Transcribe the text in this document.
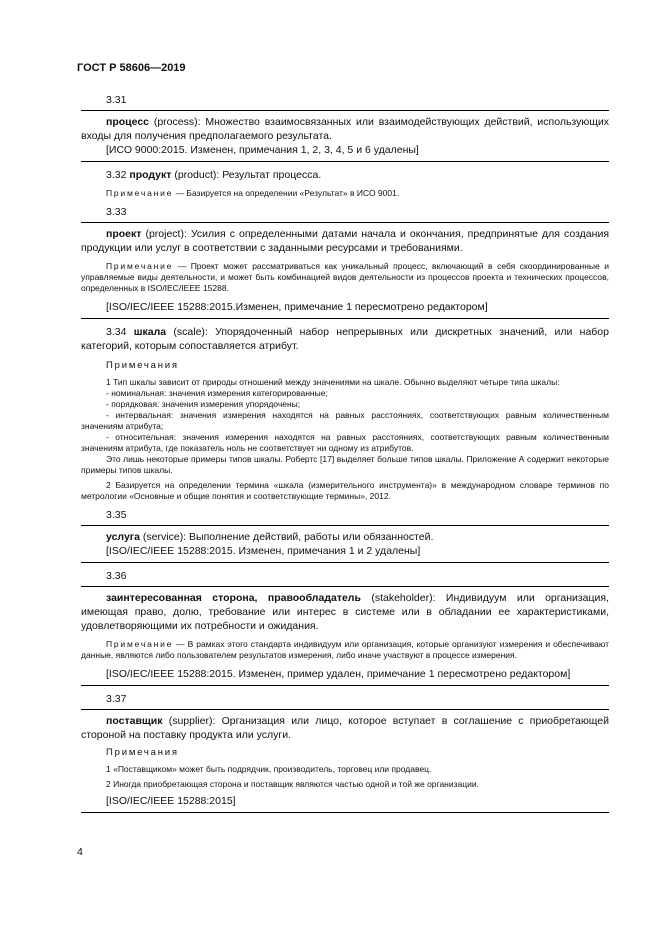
ГОСТ Р 58606—2019
3.31

процесс (process): Множество взаимосвязанных или взаимодействующих действий, использующих входы для получения предполагаемого результата.

[ИСО 9000:2015. Изменен, примечания 1, 2, 3, 4, 5 и 6 удалены]

3.32 продукт (product): Результат процесса.

Примечание — Базируется на определении «Результат» в ИСО 9001.

3.33

проект (project): Усилия с определенными датами начала и окончания, предпринятые для создания продукции или услуг в соответствии с заданными ресурсами и требованиями.

Примечание — Проект может рассматриваться как уникальный процесс, включающий в себя скоординированные и управляемые виды деятельности, и может быть комбинацией видов деятельности из процессов проекта и технических процессов, определенных в ISO/IEC/IEEE 15288.

[ISO/IEC/IEEE 15288:2015.Изменен, примечание 1 пересмотрено редактором]

3.34 шкала (scale): Упорядоченный набор непрерывных или дискретных значений, или набор категорий, которым сопоставляется атрибут.

Примечания

1 Тип шкалы зависит от природы отношений между значениями на шкале. Обычно выделяют четыре типа шкалы:

- номинальная: значения измерения категорированные;

- порядковая: значения измерения упорядочены;

- интервальная: значения измерения находятся на равных расстояниях, соответствующих равным количественным значениям атрибута;

- относительная: значения измерения находятся на равных расстояниях, соответствующих равным количественным значениям атрибута, где показатель ноль не соответствует ни одному из атрибутов.

Это лишь некоторые примеры типов шкалы. Робертс [17] выделяет больше типов шкалы. Приложение А содержит некоторые примеры типов шкалы.

2 Базируется на определении термина «шкала (измерительного инструмента)» в международном словаре терминов по метрологии «Основные и общие понятия и соответствующие термины», 2012.

3.35

услуга (service): Выполнение действий, работы или обязанностей.

[ISO/IEC/IEEE 15288:2015. Изменен, примечания 1 и 2 удалены]

3.36

заинтересованная сторона, правообладатель (stakeholder): Индивидуум или организация, имеющая право, долю, требование или интерес в системе или в обладании ее характеристиками, удовлетворяющими их потребности и ожидания.

Примечание — В рамках этого стандарта индивидуум или организация, которые организуют измерения и обеспечивают данные, являются либо пользователем результатов измерения, либо иначе участвуют в процессе измерения.

[ISO/IEC/IEEE 15288:2015. Изменен, пример удален, примечание 1 пересмотрено редактором]

3.37

поставщик (supplier): Организация или лицо, которое вступает в соглашение с приобретающей стороной на поставку продукта или услуги.

Примечания

1 «Поставщиком» может быть подрядчик, производитель, торговец или продавец.

2 Иногда приобретающая сторона и поставщик являются частью одной и той же организации.

[ISO/IEC/IEEE 15288:2015]

4
